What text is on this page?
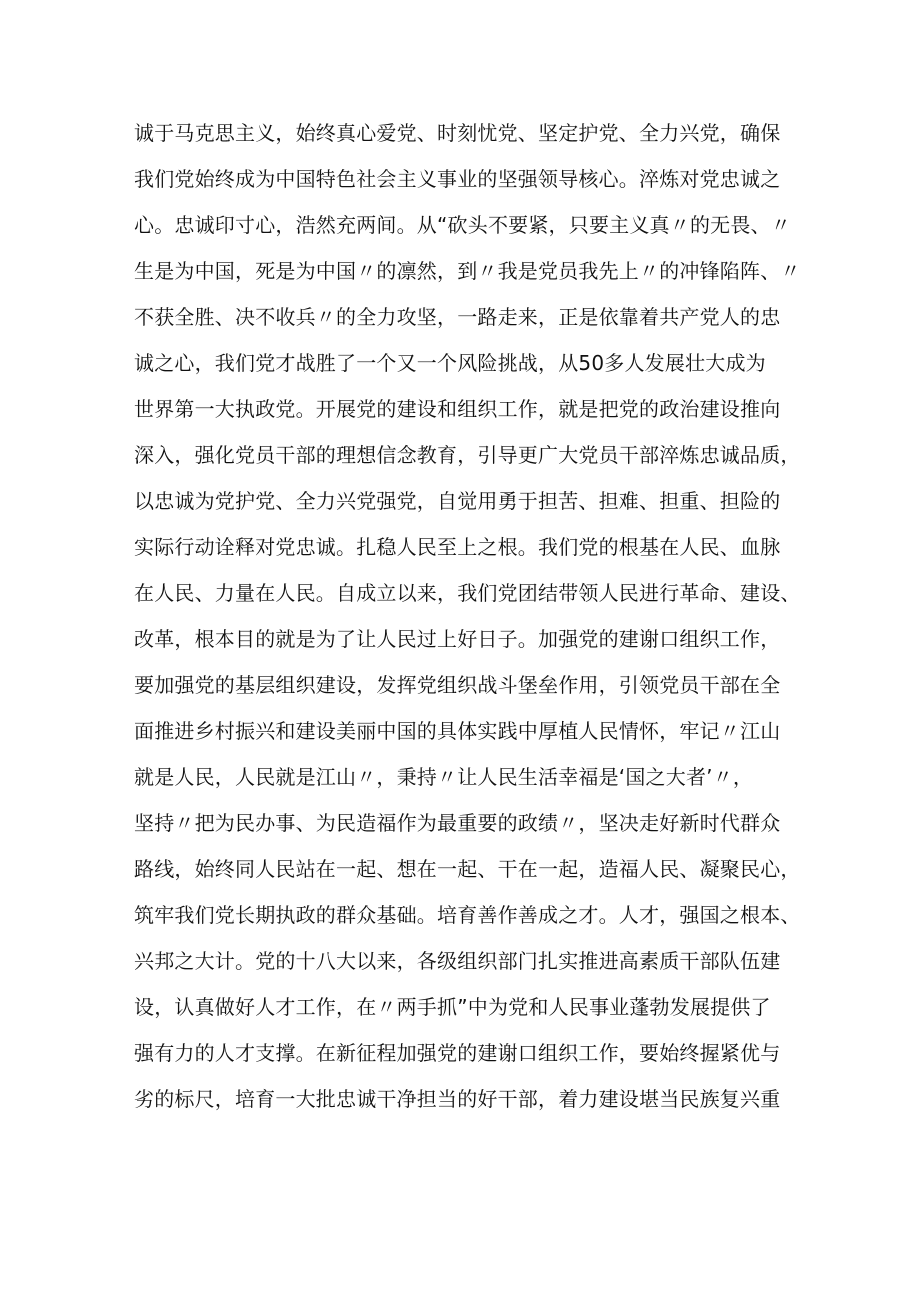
诚于马克思主义，始终真心爱党、时刻忧党、坚定护党、全力兴党，确保
我们党始终成为中国特色社会主义事业的坚强领导核心。淬炼对党忠诚之
心。忠诚印寸心，浩然充两间。从“砍头不要紧，只要主义真〃的无畏、〃
生是为中国，死是为中国〃的凛然，到〃我是党员我先上〃的冲锋陷阵、〃
不获全胜、决不收兵〃的全力攻坚，一路走来，正是依靠着共产党人的忠
诚之心，我们党才战胜了一个又一个风险挑战，从50多人发展壮大成为
世界第一大执政党。开展党的建设和组织工作，就是把党的政治建设推向
深入，强化党员干部的理想信念教育，引导更广大党员干部淬炼忠诚品质，
以忠诚为党护党、全力兴党强党，自觉用勇于担苦、担难、担重、担险的
实际行动诠释对党忠诚。扎稳人民至上之根。我们党的根基在人民、血脉
在人民、力量在人民。自成立以来，我们党团结带领人民进行革命、建设、
改革，根本目的就是为了让人民过上好日子。加强党的建谢口组织工作，
要加强党的基层组织建设，发挥党组织战斗堡垒作用，引领党员干部在全
面推进乡村振兴和建设美丽中国的具体实践中厚植人民情怀，牢记〃江山
就是人民，人民就是江山〃，秉持〃让人民生活幸福是‘国之大者’〃，
坚持〃把为民办事、为民造福作为最重要的政绩〃，坚决走好新时代群众
路线，始终同人民站在一起、想在一起、干在一起，造福人民、凝聚民心，
筑牢我们党长期执政的群众基础。培育善作善成之才。人才，强国之根本、
兴邦之大计。党的十八大以来，各级组织部门扎实推进高素质干部队伍建
设，认真做好人才工作，在〃两手抓”中为党和人民事业蓬勃发展提供了
强有力的人才支撑。在新征程加强党的建谢口组织工作，要始终握紧优与
劣的标尺，培育一大批忠诚干净担当的好干部，着力建设堪当民族复兴重
